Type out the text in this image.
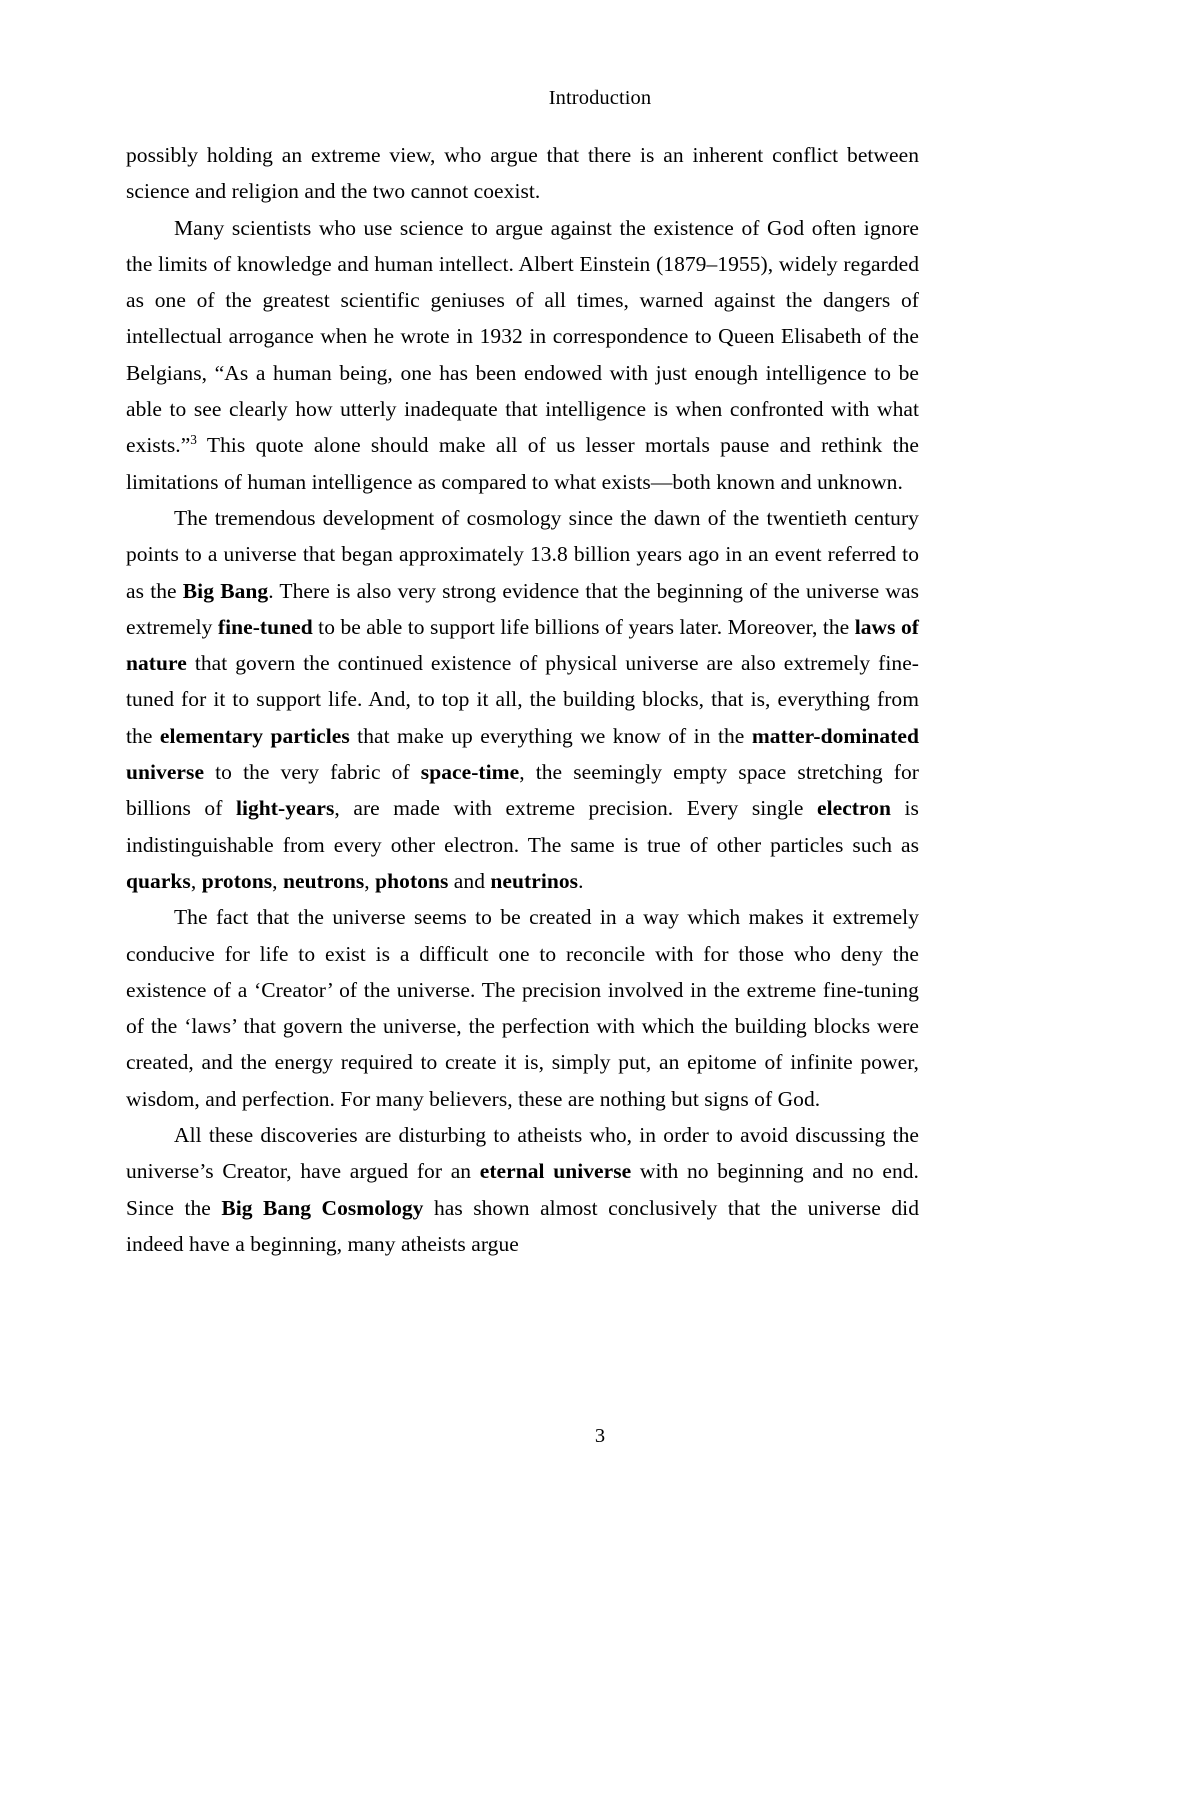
Introduction

possibly holding an extreme view, who argue that there is an inherent conflict between science and religion and the two cannot coexist.

Many scientists who use science to argue against the existence of God often ignore the limits of knowledge and human intellect. Albert Einstein (1879–1955), widely regarded as one of the greatest scientific geniuses of all times, warned against the dangers of intellectual arrogance when he wrote in 1932 in correspondence to Queen Elisabeth of the Belgians, “As a human being, one has been endowed with just enough intelligence to be able to see clearly how utterly inadequate that intelligence is when confronted with what exists.”$^3$ This quote alone should make all of us lesser mortals pause and rethink the limitations of human intelligence as compared to what exists—both known and unknown.

The tremendous development of cosmology since the dawn of the twentieth century points to a universe that began approximately 13.8 billion years ago in an event referred to as the Big Bang. There is also very strong evidence that the beginning of the universe was extremely fine-tuned to be able to support life billions of years later. Moreover, the laws of nature that govern the continued existence of physical universe are also extremely fine-tuned for it to support life. And, to top it all, the building blocks, that is, everything from the elementary particles that make up everything we know of in the matter-dominated universe to the very fabric of space-time, the seemingly empty space stretching for billions of light-years, are made with extreme precision. Every single electron is indistinguishable from every other electron. The same is true of other particles such as quarks, protons, neutrons, photons and neutrinos.

The fact that the universe seems to be created in a way which makes it extremely conducive for life to exist is a difficult one to reconcile with for those who deny the existence of a ‘Creator’ of the universe. The precision involved in the extreme fine-tuning of the ‘laws’ that govern the universe, the perfection with which the building blocks were created, and the energy required to create it is, simply put, an epitome of infinite power, wisdom, and perfection. For many believers, these are nothing but signs of God.

All these discoveries are disturbing to atheists who, in order to avoid discussing the universe’s Creator, have argued for an eternal universe with no beginning and no end. Since the Big Bang Cosmology has shown almost conclusively that the universe did indeed have a beginning, many atheists argue

3
